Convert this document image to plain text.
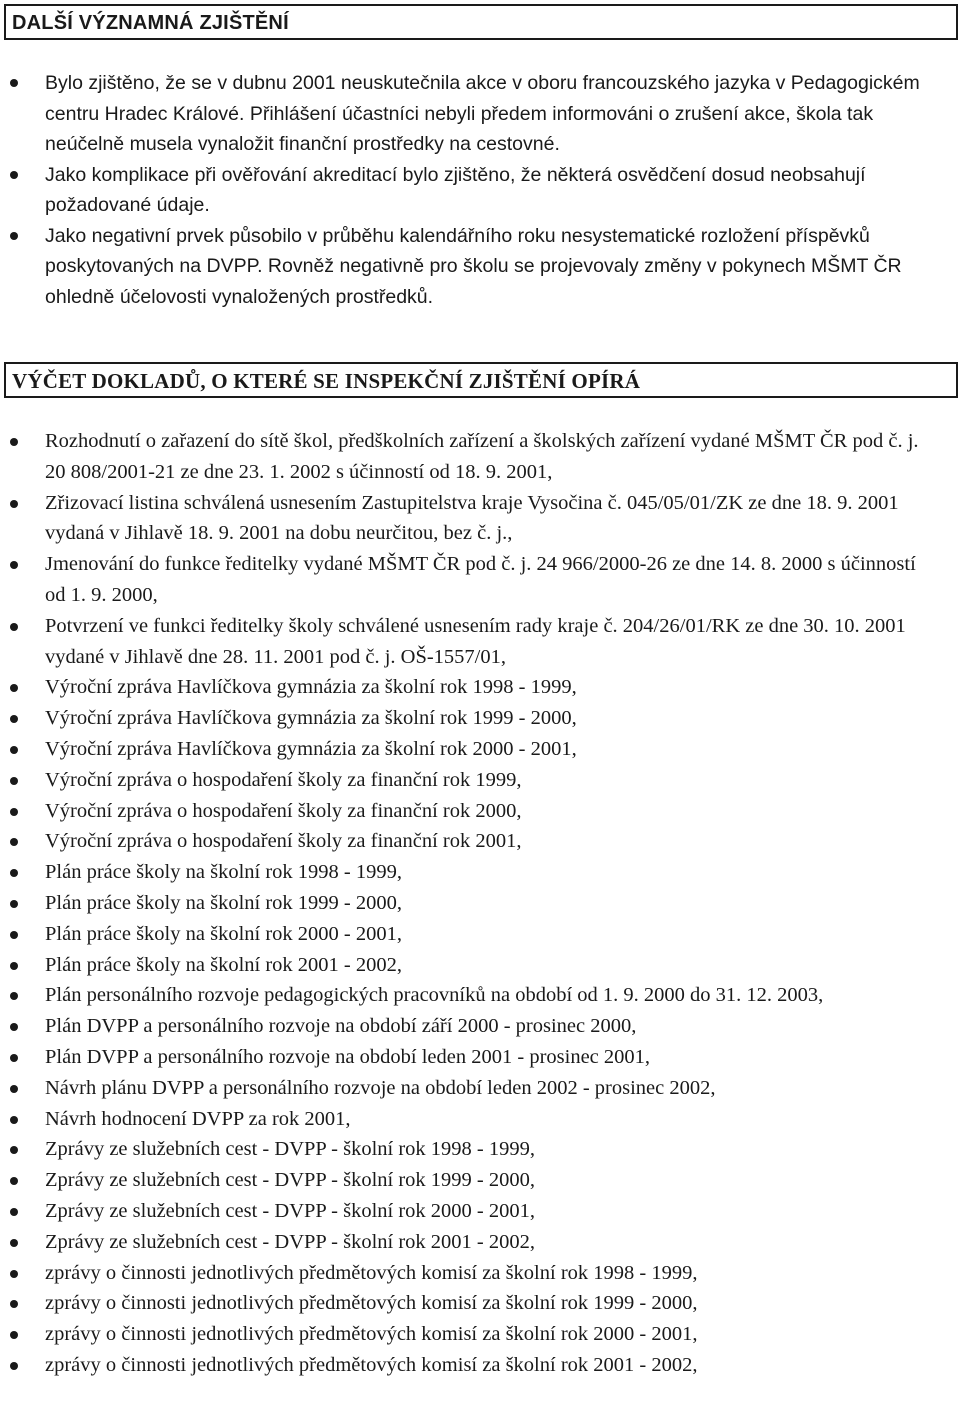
DALŠÍ VÝZNAMNÁ ZJIŠTĚNÍ
Bylo zjištěno, že se v dubnu 2001 neuskutečnila akce v oboru francouzského jazyka v Pedagogickém centru Hradec Králové. Přihlášení účastníci nebyli předem informováni o zrušení akce, škola tak neúčelně musela vynaložit finanční prostředky na cestovné.
Jako komplikace při ověřování akreditací bylo zjištěno, že některá osvědčení dosud neobsahují požadované údaje.
Jako negativní prvek působilo v průběhu kalendářního roku nesystematické rozložení příspěvků poskytovaných na DVPP. Rovněž negativně pro školu se projevovaly změny v pokynech MŠMT ČR ohledně účelovosti vynaložených prostředků.
VÝČET DOKLADŮ, O KTERÉ SE INSPEKČNÍ ZJIŠTĚNÍ OPÍRÁ
Rozhodnutí o zařazení do sítě škol, předškolních zařízení a školských zařízení vydané MŠMT ČR pod č. j. 20 808/2001-21 ze dne 23. 1. 2002 s účinností od 18. 9. 2001,
Zřizovací listina schválená usnesením Zastupitelstva kraje Vysočina č. 045/05/01/ZK ze dne 18. 9. 2001 vydaná v Jihlavě 18. 9. 2001 na dobu neurčitou, bez č. j.,
Jmenování do funkce ředitelky vydané MŠMT ČR pod č. j. 24 966/2000-26 ze dne 14. 8. 2000 s účinností od 1. 9. 2000,
Potvrzení ve funkci ředitelky školy schválené usnesením rady kraje č. 204/26/01/RK ze dne 30. 10. 2001 vydané v Jihlavě dne 28. 11. 2001 pod č. j. OŠ-1557/01,
Výroční zpráva Havlíčkova gymnázia za školní rok 1998 - 1999,
Výroční zpráva Havlíčkova gymnázia za školní rok 1999 - 2000,
Výroční zpráva Havlíčkova gymnázia za školní rok 2000 - 2001,
Výroční zpráva o hospodaření školy za finanční rok 1999,
Výroční zpráva o hospodaření školy za finanční rok 2000,
Výroční zpráva o hospodaření školy za finanční rok 2001,
Plán práce školy na školní rok 1998 - 1999,
Plán práce školy na školní rok 1999 - 2000,
Plán práce školy na školní rok 2000 - 2001,
Plán práce školy na školní rok 2001 - 2002,
Plán personálního rozvoje pedagogických pracovníků na období od 1. 9. 2000 do 31. 12. 2003,
Plán DVPP a personálního rozvoje na období září 2000 - prosinec 2000,
Plán DVPP a personálního rozvoje na období leden 2001 - prosinec 2001,
Návrh plánu DVPP a personálního rozvoje na období leden 2002 - prosinec 2002,
Návrh hodnocení DVPP za rok 2001,
Zprávy ze služebních cest - DVPP - školní rok 1998 - 1999,
Zprávy ze služebních cest - DVPP - školní rok 1999 - 2000,
Zprávy ze služebních cest - DVPP - školní rok 2000 - 2001,
Zprávy ze služebních cest - DVPP - školní rok 2001 - 2002,
zprávy o činnosti jednotlivých předmětových komisí za školní rok 1998 - 1999,
zprávy o činnosti jednotlivých předmětových komisí za školní rok 1999 - 2000,
zprávy o činnosti jednotlivých předmětových komisí za školní rok 2000 - 2001,
zprávy o činnosti jednotlivých předmětových komisí za školní rok 2001 - 2002,
